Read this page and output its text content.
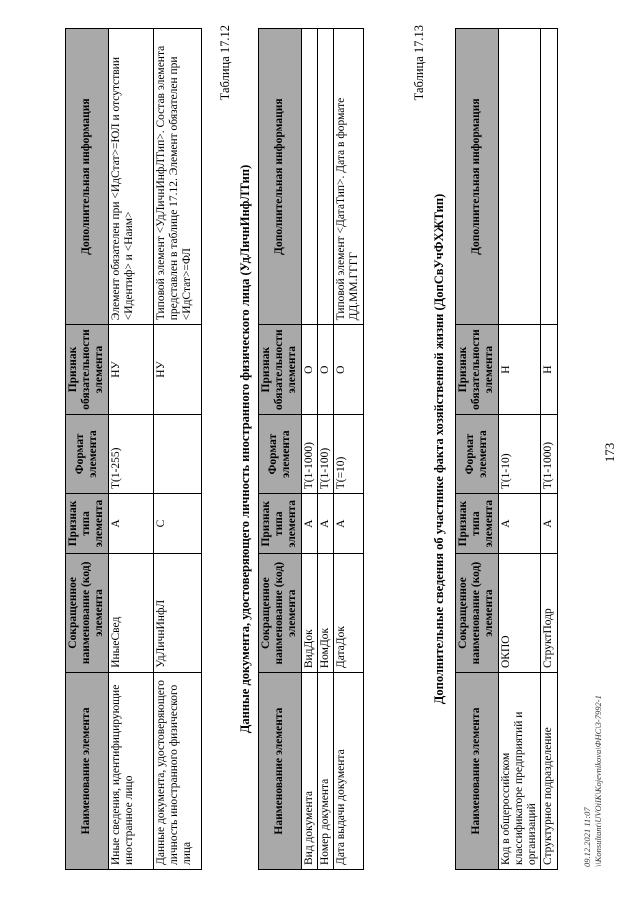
173
Наименование элемента	Сокращенное наименование (код) элемента	Признак типа элемента	Формат элемента	Признак обязательности элемента	Дополнительная информация
Иные сведения, идентифицирующие иностранное лицо	ИныеСвед	А	Т(1-255)	НУ	Элемент обязателен при <ИдСтат>=ЮЛ и отсутствии <Идентиф> и <Наим>
Данные документа, удостоверяющего личность иностранного физического лица	УдЛичнИнфЛ	С		НУ	Типовой элемент <УдЛичнИнфЛТип>. Состав элемента представлен в таблице 17.12. Элемент обязателен при <ИдСтат>=ФЛ
Таблица 17.12
Данные документа, удостоверяющего личность иностранного физического лица (УдЛичнИнфЛТип)
Наименование элемента	Сокращенное наименование (код) элемента	Признак типа элемента	Формат элемента	Признак обязательности элемента	Дополнительная информация
Вид документа	ВидДок	А	Т(1-1000)	О	
Номер документа	НомДок	А	Т(1-100)	О	
Дата выдачи документа	ДатаДок	А	Т(=10)	О	Типовой элемент <ДатаТип>. Дата в формате ДД.ММ.ГГГГ
Таблица 17.13
Дополнительные сведения об участнике факта хозяйственной жизни (ДопСвУчФХЖТип)
Наименование элемента	Сокращенное наименование (код) элемента	Признак типа элемента	Формат элемента	Признак обязательности элемента	Дополнительная информация
Код в общероссийском классификаторе предприятий и организаций	ОКПО	А	Т(1-10)	Н	
Структурное подразделение	СтруктПодр	А	Т(1-1000)	Н	
09.12.2021 11:07 \\Konsultant\UVOiIK\Kojevnikova\ФНС\3-7992-1
